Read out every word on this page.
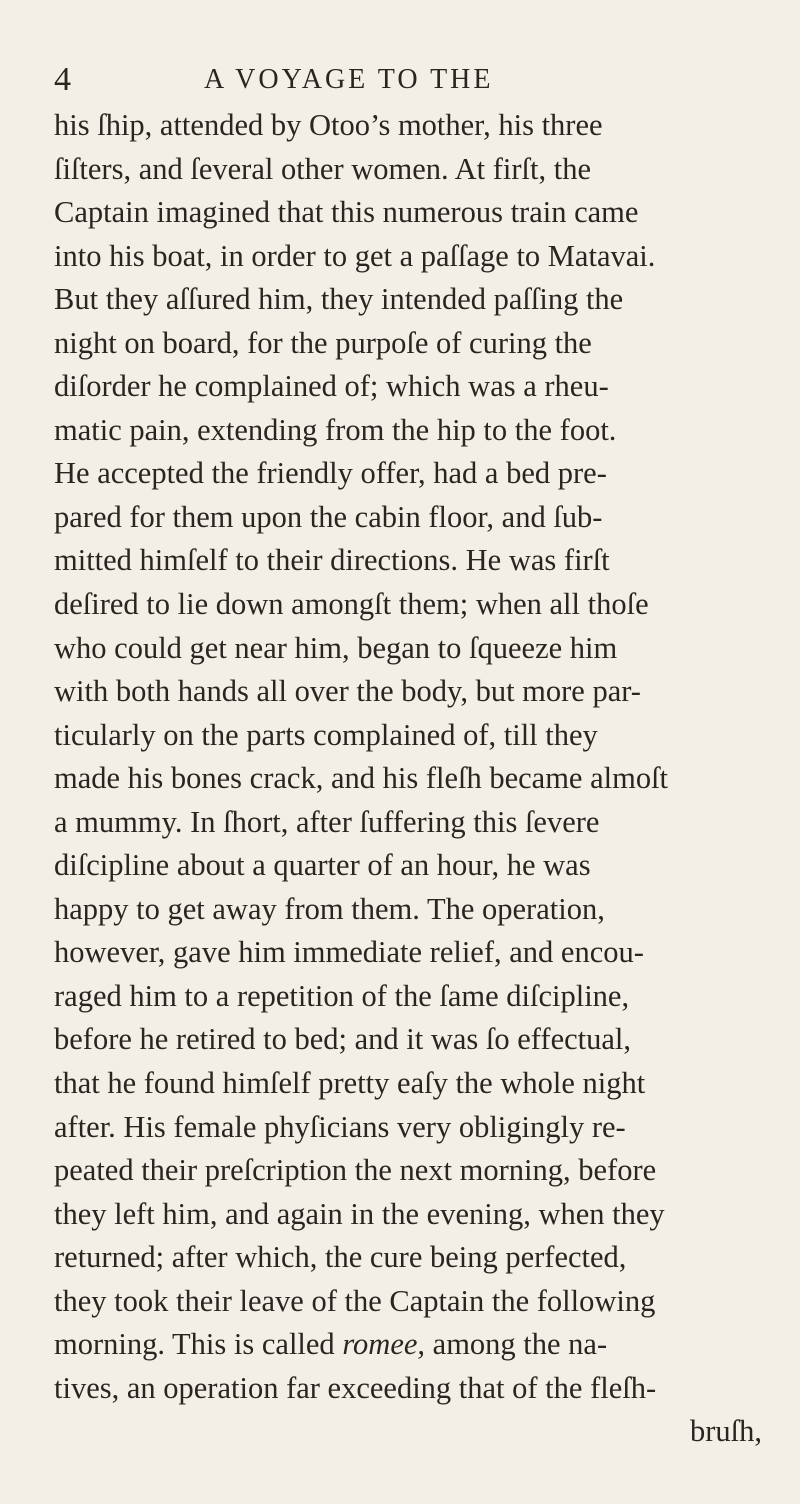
4	A VOYAGE TO THE
his ſhip, attended by Otoo’s mother, his three
ſiſters, and ſeveral other women. At firſt, the
Captain imagined that this numerous train came
into his boat, in order to get a paſſage to Matavai.
But they aſſured him, they intended paſſing the
night on board, for the purpoſe of curing the
diſorder he complained of; which was a rheu-
matic pain, extending from the hip to the foot.
He accepted the friendly offer, had a bed pre-
pared for them upon the cabin floor, and ſub-
mitted himſelf to their directions. He was firſt
deſired to lie down amongſt them; when all thoſe
who could get near him, began to ſqueeze him
with both hands all over the body, but more par-
ticularly on the parts complained of, till they
made his bones crack, and his fleſh became almoſt
a mummy. In ſhort, after ſuffering this ſevere
diſcipline about a quarter of an hour, he was
happy to get away from them. The operation,
however, gave him immediate relief, and encou-
raged him to a repetition of the ſame diſcipline,
before he retired to bed; and it was ſo effectual,
that he found himſelf pretty eaſy the whole night
after. His female phyſicians very obligingly re-
peated their preſcription the next morning, before
they left him, and again in the evening, when they
returned; after which, the cure being perfected,
they took their leave of the Captain the following
morning. This is called romee, among the na-
tives, an operation far exceeding that of the fleſh-
bruſh,
